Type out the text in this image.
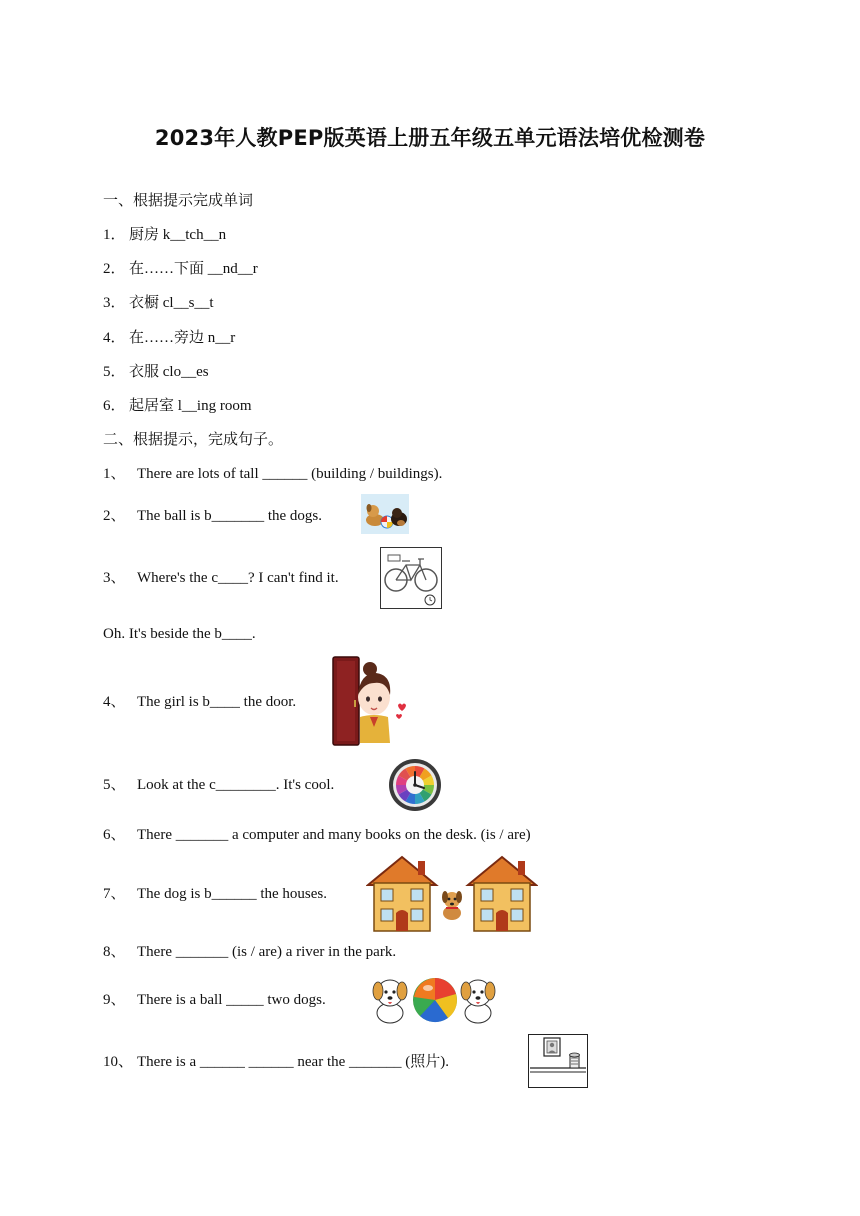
2023年人教PEP版英语上册五年级五单元语法培优检测卷
一、根据提示完成单词
1． 厨房 k__tch__n
2． 在……下面 __nd__r
3． 衣橱 cl__s__t
4． 在……旁边 n__r
5． 衣服 clo__es
6． 起居室 l__ing room
二、根据提示，完成句子。
1、 There are lots of tall ______ (building / buildings).
2、 The ball is b_______ the dogs.
3、 Where's the c____? I can't find it.
Oh. It's beside the b____.
4、 The girl is b____ the door.
5、 Look at the c________. It's cool.
6、 There _______ a computer and many books on the desk. (is / are)
7、 The dog is b______ the houses.
8、 There _______ (is / are) a river in the park.
9、 There is a ball _____ two dogs.
10、 There is a ______ ______ near the _______ (照片).
